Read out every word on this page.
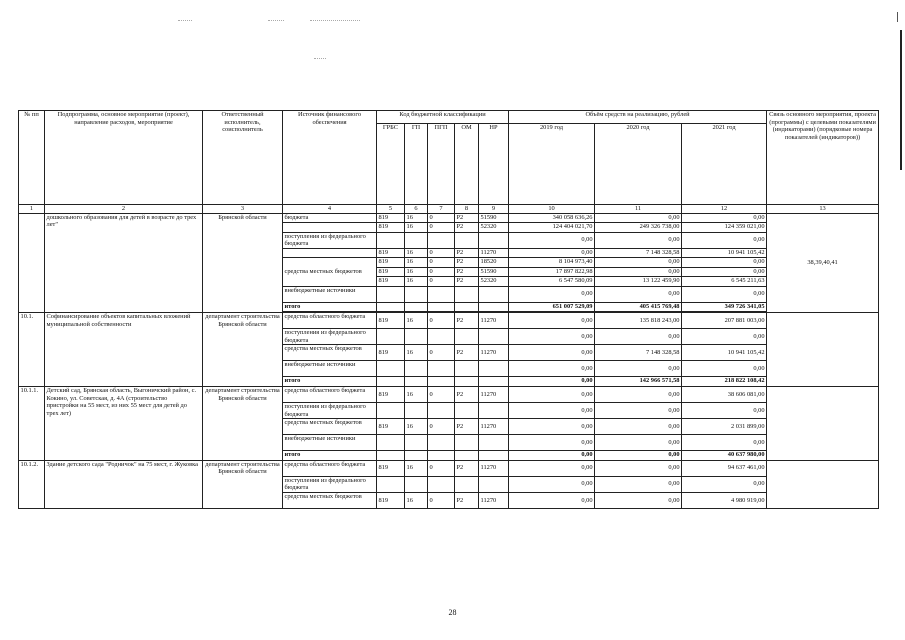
№ пп	Подпрограмма, основное мероприятие (проект), направление расходов, мероприятие	Ответственный исполнитель, соисполнитель	Источник финансового обеспечения	Код бюджетной классификации					Объём средств на реализацию, рублей			Связь основного мероприятия, проекта (программы) с целевыми показателями (индикаторами) (порядковые номера показателей (индикаторов))
				ГРБС	ГП	ПГП	ОМ	НР	2019 год	2020 год	2021 год	
1	2	3	4	5	6	7	8	9	10	11	12	13
	дошкольного образования для детей в возрасте до трех лет"	Брянской области	бюджета	819	16	0	Р2	51590	340 058 636,26	0,00	0,00	38,39,40,41
				819	16	0	Р2	52320	124 404 021,70	249 326 738,00	124 359 021,00	
			поступления из федерального бюджета						0,00	0,00	0,00	
				819	16	0	Р2	11270	0,00	7 148 328,58	10 941 105,42	
			средства местных бюджетов	819	16	0	Р2	18520	8 104 973,40	0,00	0,00	
				819	16	0	Р2	51590	17 897 822,98	0,00	0,00	
				819	16	0	Р2	52320	6 547 580,09	13 122 459,90	6 545 211,63	
			внебюджетные источники						0,00	0,00	0,00	
			итого						651 007 529,09	405 415 769,48	349 726 341,05	

10.1.	Софинансирование объектов капитальных вложений муниципальной собственности	департамент строительства Брянской области	средства областного бюджета	819	16	0	Р2	11270	0,00	135 818 243,00	207 881 003,00	
			поступления из федерального бюджета						0,00	0,00	0,00	
			средства местных бюджетов	819	16	0	Р2	11270	0,00	7 148 328,58	10 941 105,42	
			внебюджетные источники						0,00	0,00	0,00	
			итого						0,00	142 966 571,58	218 822 108,42	
10.1.1.	Детский сад, Брянская область, Выгоничский район, с. Кокино, ул. Советская, д. 4А (строительство пристройки на 55 мест, из них 55 мест для детей до трех лет)	департамент строительства Брянской области	средства областного бюджета	819	16	0	Р2	11270	0,00	0,00	38 606 081,00	
			поступления из федерального бюджета						0,00	0,00	0,00	
			средства местных бюджетов	819	16	0	Р2	11270	0,00	0,00	2 031 899,00	
			внебюджетные источники						0,00	0,00	0,00	
			итого						0,00	0,00	40 637 980,00	
10.1.2.	Здание детского сада "Родничок" на 75 мест, г. Жуковка	департамент строительства Брянской области	средства областного бюджета	819	16	0	Р2	11270	0,00	0,00	94 637 461,00	
			поступления из федерального бюджета						0,00	0,00	0,00	
			средства местных бюджетов	819	16	0	Р2	11270	0,00	0,00	4 980 919,00	
28
